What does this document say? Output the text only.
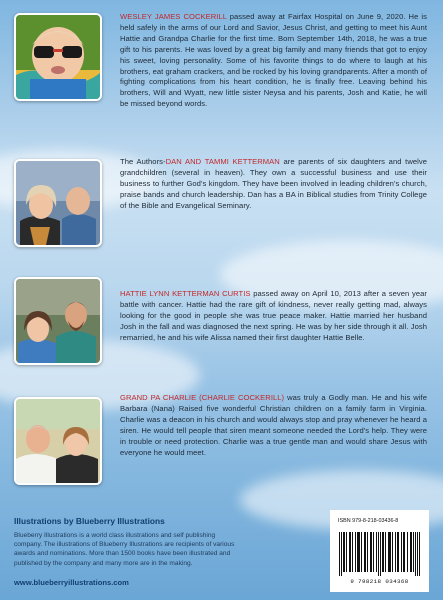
WESLEY JAMES COCKERILL passed away at Fairfax Hospital on June 9, 2020. He is held safely in the arms of our Lord and Savior, Jesus Christ, and getting to meet his Aunt Hattie and Grandpa Charlie for the first time. Born September 14th, 2018, he was a true gift to his parents. He was loved by a great big family and many friends that got to enjoy his sweet, loving personality. Some of his favorite things to do where to laugh at his brothers, eat graham crackers, and be rocked by his loving grandparents. After a month of fighting complications from his heart condition, he is finally free. Leaving behind his brothers, Will and Wyatt, new little sister Neysa and his parents, Josh and Katie, he will be missed beyond words.

The Authors-DAN AND TAMMI KETTERMAN are parents of six daughters and twelve grandchildren (several in heaven). They own a successful business and use their business to further God's kingdom. They have been involved in leading children's church, praise bands and church leadership. Dan has a BA in Biblical studies from Trinity College of the Bible and Evangelical Seminary.

HATTIE LYNN KETTERMAN CURTIS passed away on April 10, 2013 after a seven year battle with cancer. Hattie had the rare gift of kindness, never really getting mad, always looking for the good in people she was true peace maker. Hattie married her husband Josh in the fall and was diagnosed the next spring. He was by her side through it all. Josh remarried, he and his wife Alissa named their first daughter Hattie Belle.

GRAND PA CHARLIE (CHARLIE COCKERILL) was truly a Godly man. He and his wife Barbara (Nana) Raised five wonderful Christian children on a family farm in Virginia. Charlie was a deacon in his church and would always stop and pray whenever he heard a siren. He would tell people that siren meant someone needed the Lord's help. They were in trouble or need protection. Charlie was a true gentle man and would share Jesus with everyone he would meet.

Illustrations by Blueberry Illustrations

Blueberry Illustrations is a world class illustrations and self publishing company. The illustrations of Blueberry Illustrations are recipients of various awards and nominations. More than 1500 books have been illustrated and published by the company and many more are in the making.

www.blueberryillustrations.com

ISBN 979-8-218-03436-8

9 798218 034368
